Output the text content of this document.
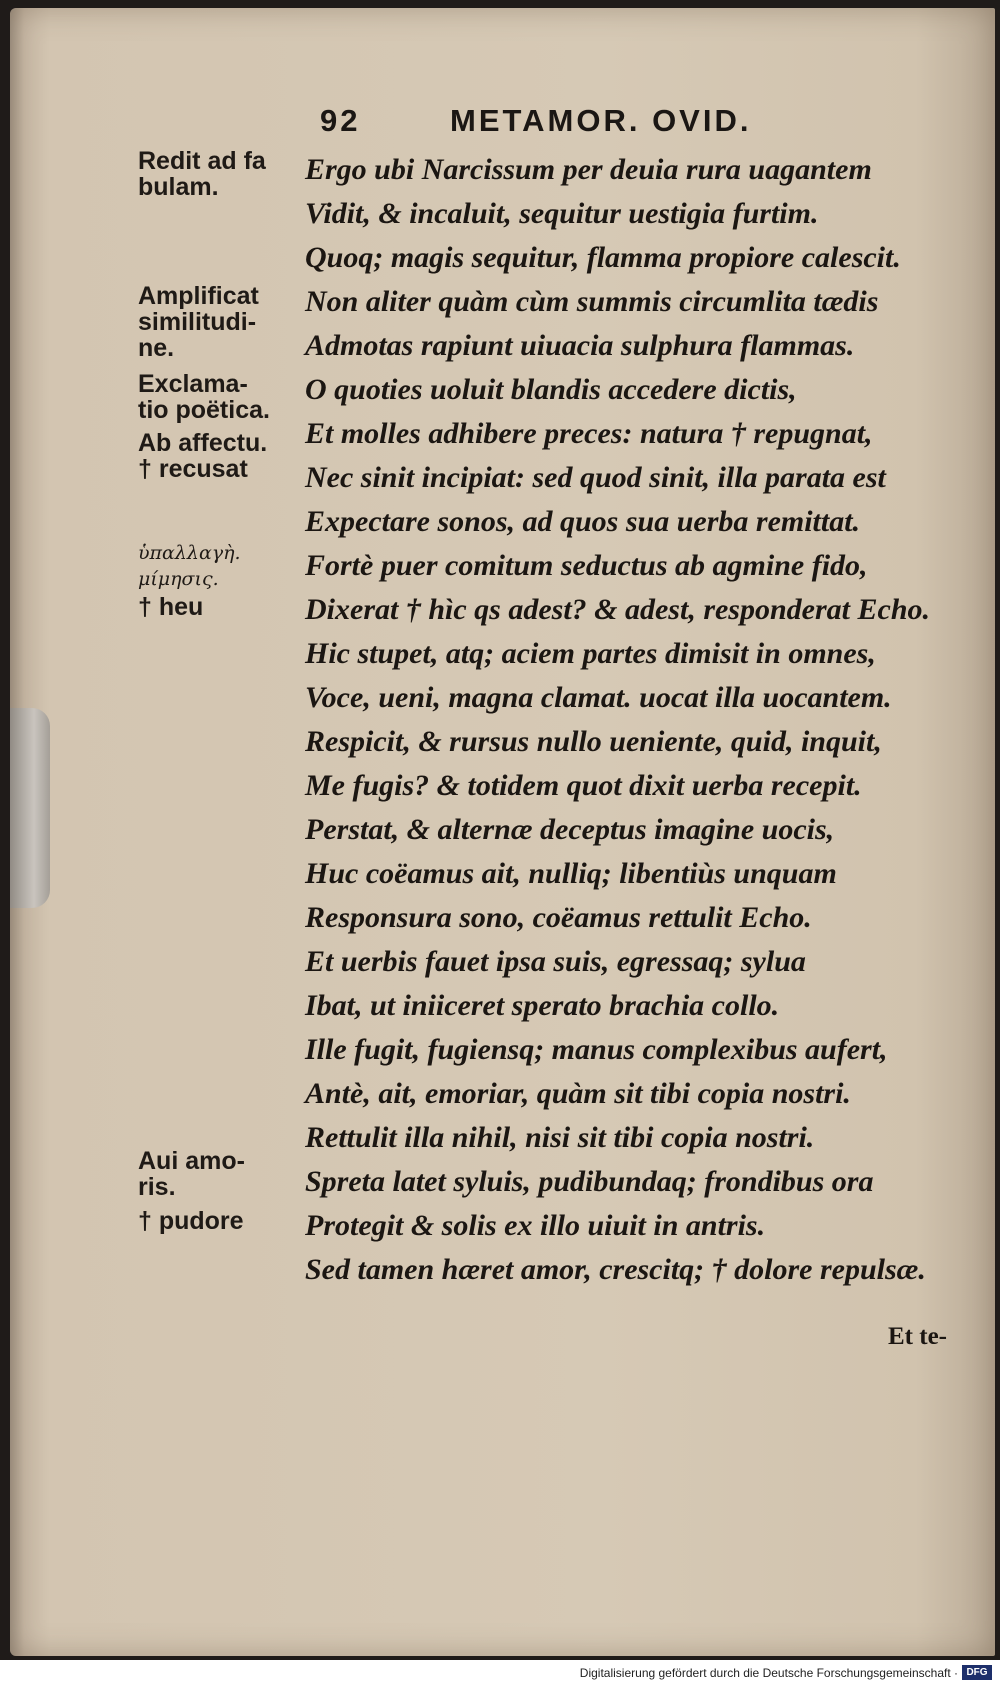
92	METAMOR. OVID.
Redit ad fa
bulam.
Amplificat
similitudi-
ne.
Exclama-
tio poëtica.
Ab affectu.
† recusat
ὑπαλλαγὴ.
μίμησις.
† heu
Aui amo-
ris.
† pudore
Ergo ubi Narcissum per deuia rura uagantem
Vidit, & incaluit, sequitur uestigia furtim.
Quoq; magis sequitur, flamma propiore calescit.
Non aliter quàm cùm summis circumlita tædis
Admotas rapiunt uiuacia sulphura flammas.
O quoties uoluit blandis accedere dictis,
Et molles adhibere preces: natura † repugnat,
Nec sinit incipiat: sed quod sinit, illa parata est
Expectare sonos, ad quos sua uerba remittat.
Fortè puer comitum seductus ab agmine fido,
Dixerat † hìc qs adest? & adest, responderat Echo.
Hic stupet, atq; aciem partes dimisit in omnes,
Voce, ueni, magna clamat. uocat illa uocantem.
Respicit, & rursus nullo ueniente, quid, inquit,
Me fugis? & totidem quot dixit uerba recepit.
Perstat, & alternæ deceptus imagine uocis,
Huc coëamus ait, nulliq; libentiùs unquam
Responsura sono, coëamus rettulit Echo.
Et uerbis fauet ipsa suis, egressaq; sylua
Ibat, ut iniiceret sperato brachia collo.
Ille fugit, fugiensq; manus complexibus aufert,
Antè, ait, emoriar, quàm sit tibi copia nostri.
Rettulit illa nihil, nisi sit tibi copia nostri.
Spreta latet syluis, pudibundaq; frondibus ora
Protegit & solis ex illo uiuit in antris.
Sed tamen hæret amor, crescitq; † dolore repulsæ.
Et te-
Digitalisierung gefördert durch die Deutsche Forschungsgemeinschaft · DFG
